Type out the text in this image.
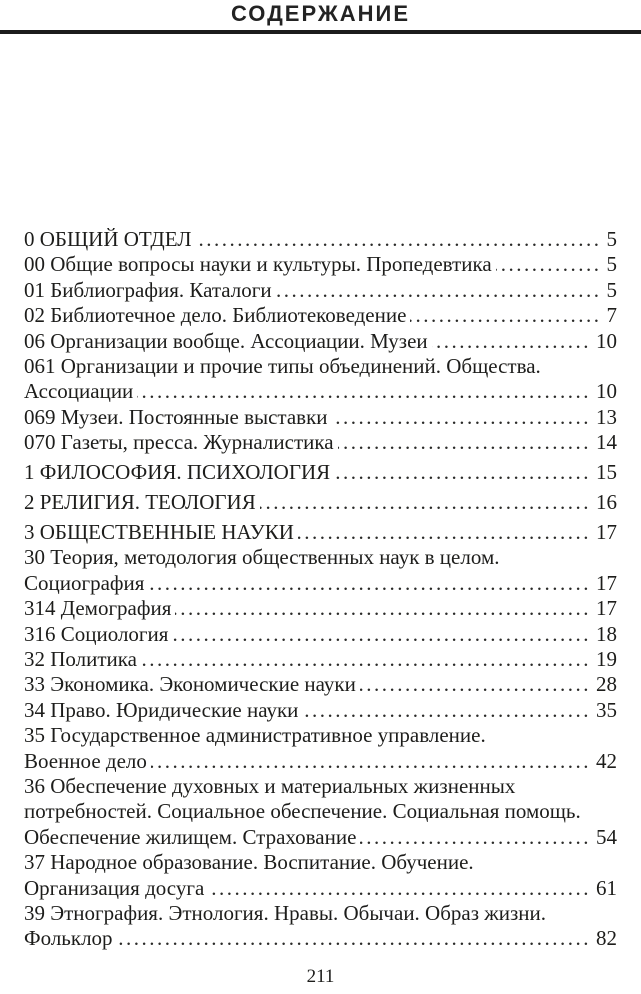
СОДЕРЖАНИЕ
0 ОБЩИЙ ОТДЕЛ .....	5
00 Общие вопросы науки и культуры. Пропедевтика .....	5
01 Библиография. Каталоги .....	5
02 Библиотечное дело. Библиотековедение .....	7
06 Организации вообще. Ассоциации. Музеи .....	10
061 Организации и прочие типы объединений. Общества.
Ассоциации .....	10
069 Музеи. Постоянные выставки .....	13
070 Газеты, пресса. Журналистика .....	14
1 ФИЛОСОФИЯ. ПСИХОЛОГИЯ .....	15
2 РЕЛИГИЯ. ТЕОЛОГИЯ .....	16
3 ОБЩЕСТВЕННЫЕ НАУКИ .....	17
30 Теория, методология общественных наук в целом.
Социография .....	17
314 Демография .....	17
316 Социология .....	18
32 Политика .....	19
33 Экономика. Экономические науки .....	28
34 Право. Юридические науки .....	35
35 Государственное административное управление.
Военное дело .....	42
36 Обеспечение духовных и материальных жизненных
потребностей. Социальное обеспечение. Социальная помощь.
Обеспечение жилищем. Страхование .....	54
37 Народное образование. Воспитание. Обучение.
Организация досуга .....	61
39 Этнография. Этнология. Нравы. Обычаи. Образ жизни.
Фольклор .....	82
211
